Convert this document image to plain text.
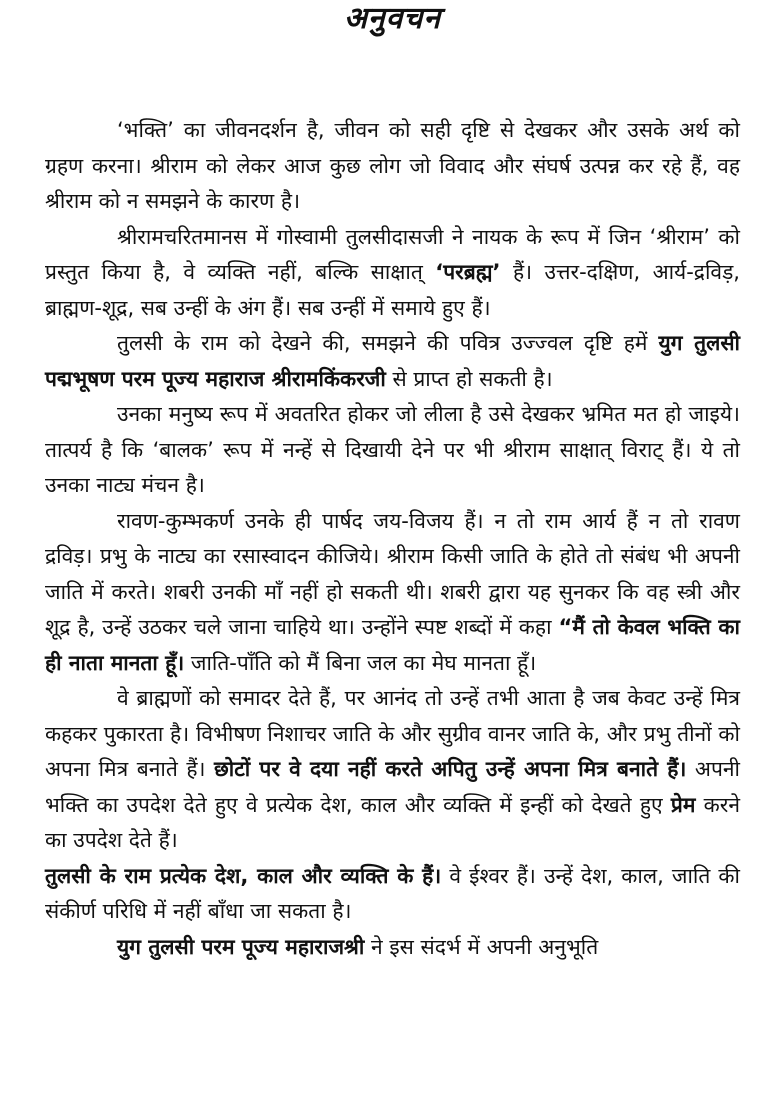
अनुवचन

‘भक्ति’ का जीवनदर्शन है, जीवन को सही दृष्टि से देखकर और उसके अर्थ को ग्रहण करना। श्रीराम को लेकर आज कुछ लोग जो विवाद और संघर्ष उत्पन्न कर रहे हैं, वह श्रीराम को न समझने के कारण है।

श्रीरामचरितमानस में गोस्वामी तुलसीदासजी ने नायक के रूप में जिन ‘श्रीराम’ को प्रस्तुत किया है, वे व्यक्ति नहीं, बल्कि साक्षात् ‘परब्रह्म’ हैं। उत्तर-दक्षिण, आर्य-द्रविड़, ब्राह्मण-शूद्र, सब उन्हीं के अंग हैं। सब उन्हीं में समाये हुए हैं।

तुलसी के राम को देखने की, समझने की पवित्र उज्ज्वल दृष्टि हमें युग तुलसी पद्मभूषण परम पूज्य महाराज श्रीरामकिंकरजी से प्राप्त हो सकती है।

उनका मनुष्य रूप में अवतरित होकर जो लीला है उसे देखकर भ्रमित मत हो जाइये। तात्पर्य है कि ‘बालक’ रूप में नन्हें से दिखायी देने पर भी श्रीराम साक्षात् विराट् हैं। ये तो उनका नाट्य मंचन है।

रावण-कुम्भकर्ण उनके ही पार्षद जय-विजय हैं। न तो राम आर्य हैं न तो रावण द्रविड़। प्रभु के नाट्य का रसास्वादन कीजिये। श्रीराम किसी जाति के होते तो संबंध भी अपनी जाति में करते। शबरी उनकी माँ नहीं हो सकती थी। शबरी द्वारा यह सुनकर कि वह स्त्री और शूद्र है, उन्हें उठकर चले जाना चाहिये था। उन्होंने स्पष्ट शब्दों में कहा “मैं तो केवल भक्ति का ही नाता मानता हूँ। जाति-पाँति को मैं बिना जल का मेघ मानता हूँ।

वे ब्राह्मणों को समादर देते हैं, पर आनंद तो उन्हें तभी आता है जब केवट उन्हें मित्र कहकर पुकारता है। विभीषण निशाचर जाति के और सुग्रीव वानर जाति के, और प्रभु तीनों को अपना मित्र बनाते हैं। छोटों पर वे दया नहीं करते अपितु उन्हें अपना मित्र बनाते हैं। अपनी भक्ति का उपदेश देते हुए वे प्रत्येक देश, काल और व्यक्ति में इन्हीं को देखते हुए प्रेम करने का उपदेश देते हैं।

तुलसी के राम प्रत्येक देश, काल और व्यक्ति के हैं। वे ईश्वर हैं। उन्हें देश, काल, जाति की संकीर्ण परिधि में नहीं बाँधा जा सकता है।

युग तुलसी परम पूज्य महाराजश्री ने इस संदर्भ में अपनी अनुभूति
